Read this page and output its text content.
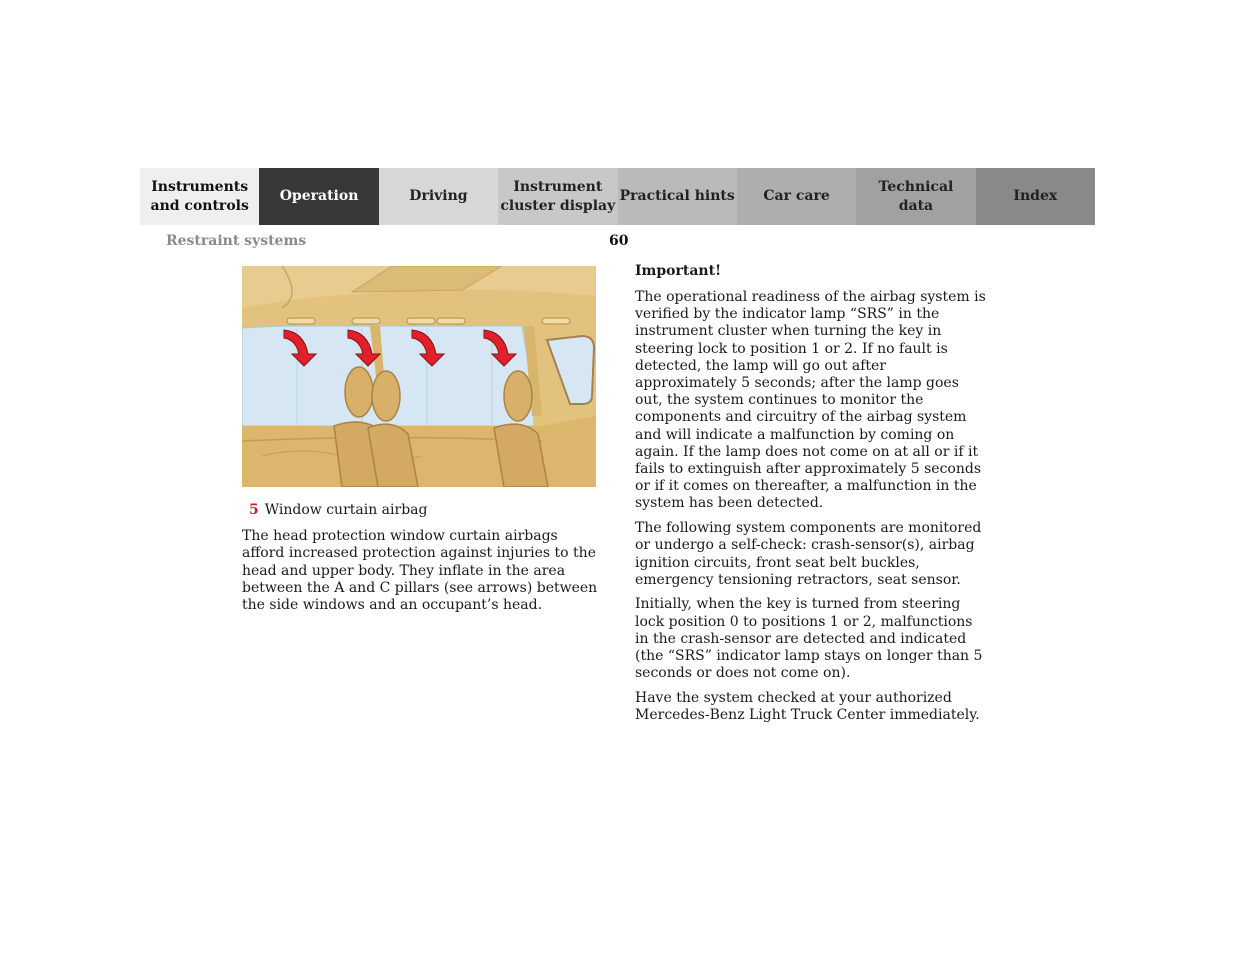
Instruments
and controls
Operation	Driving
Instrument
cluster display
Practical hints	Car care
Technical
data
Index
Restraint systems	60
5 Window curtain airbag

The head protection window curtain airbags afford increased protection against injuries to the head and upper body. They inflate in the area between the A and C pillars (see arrows) between the side windows and an occupant’s head.

Important!

The operational readiness of the airbag system is verified by the indicator lamp “SRS” in the instrument cluster when turning the key in steering lock to position 1 or 2. If no fault is detected, the lamp will go out after approximately 5 seconds; after the lamp goes out, the system continues to monitor the components and circuitry of the airbag system and will indicate a malfunction by coming on again. If the lamp does not come on at all or if it fails to extinguish after approximately 5 seconds or if it comes on thereafter, a malfunction in the system has been detected.

The following system components are monitored or undergo a self-check: crash-sensor(s), airbag ignition circuits, front seat belt buckles, emergency tensioning retractors, seat sensor.

Initially, when the key is turned from steering lock position 0 to positions 1 or 2, malfunctions in the crash-sensor are detected and indicated (the “SRS” indicator lamp stays on longer than 5 seconds or does not come on).

Have the system checked at your authorized Mercedes-Benz Light Truck Center immediately.
